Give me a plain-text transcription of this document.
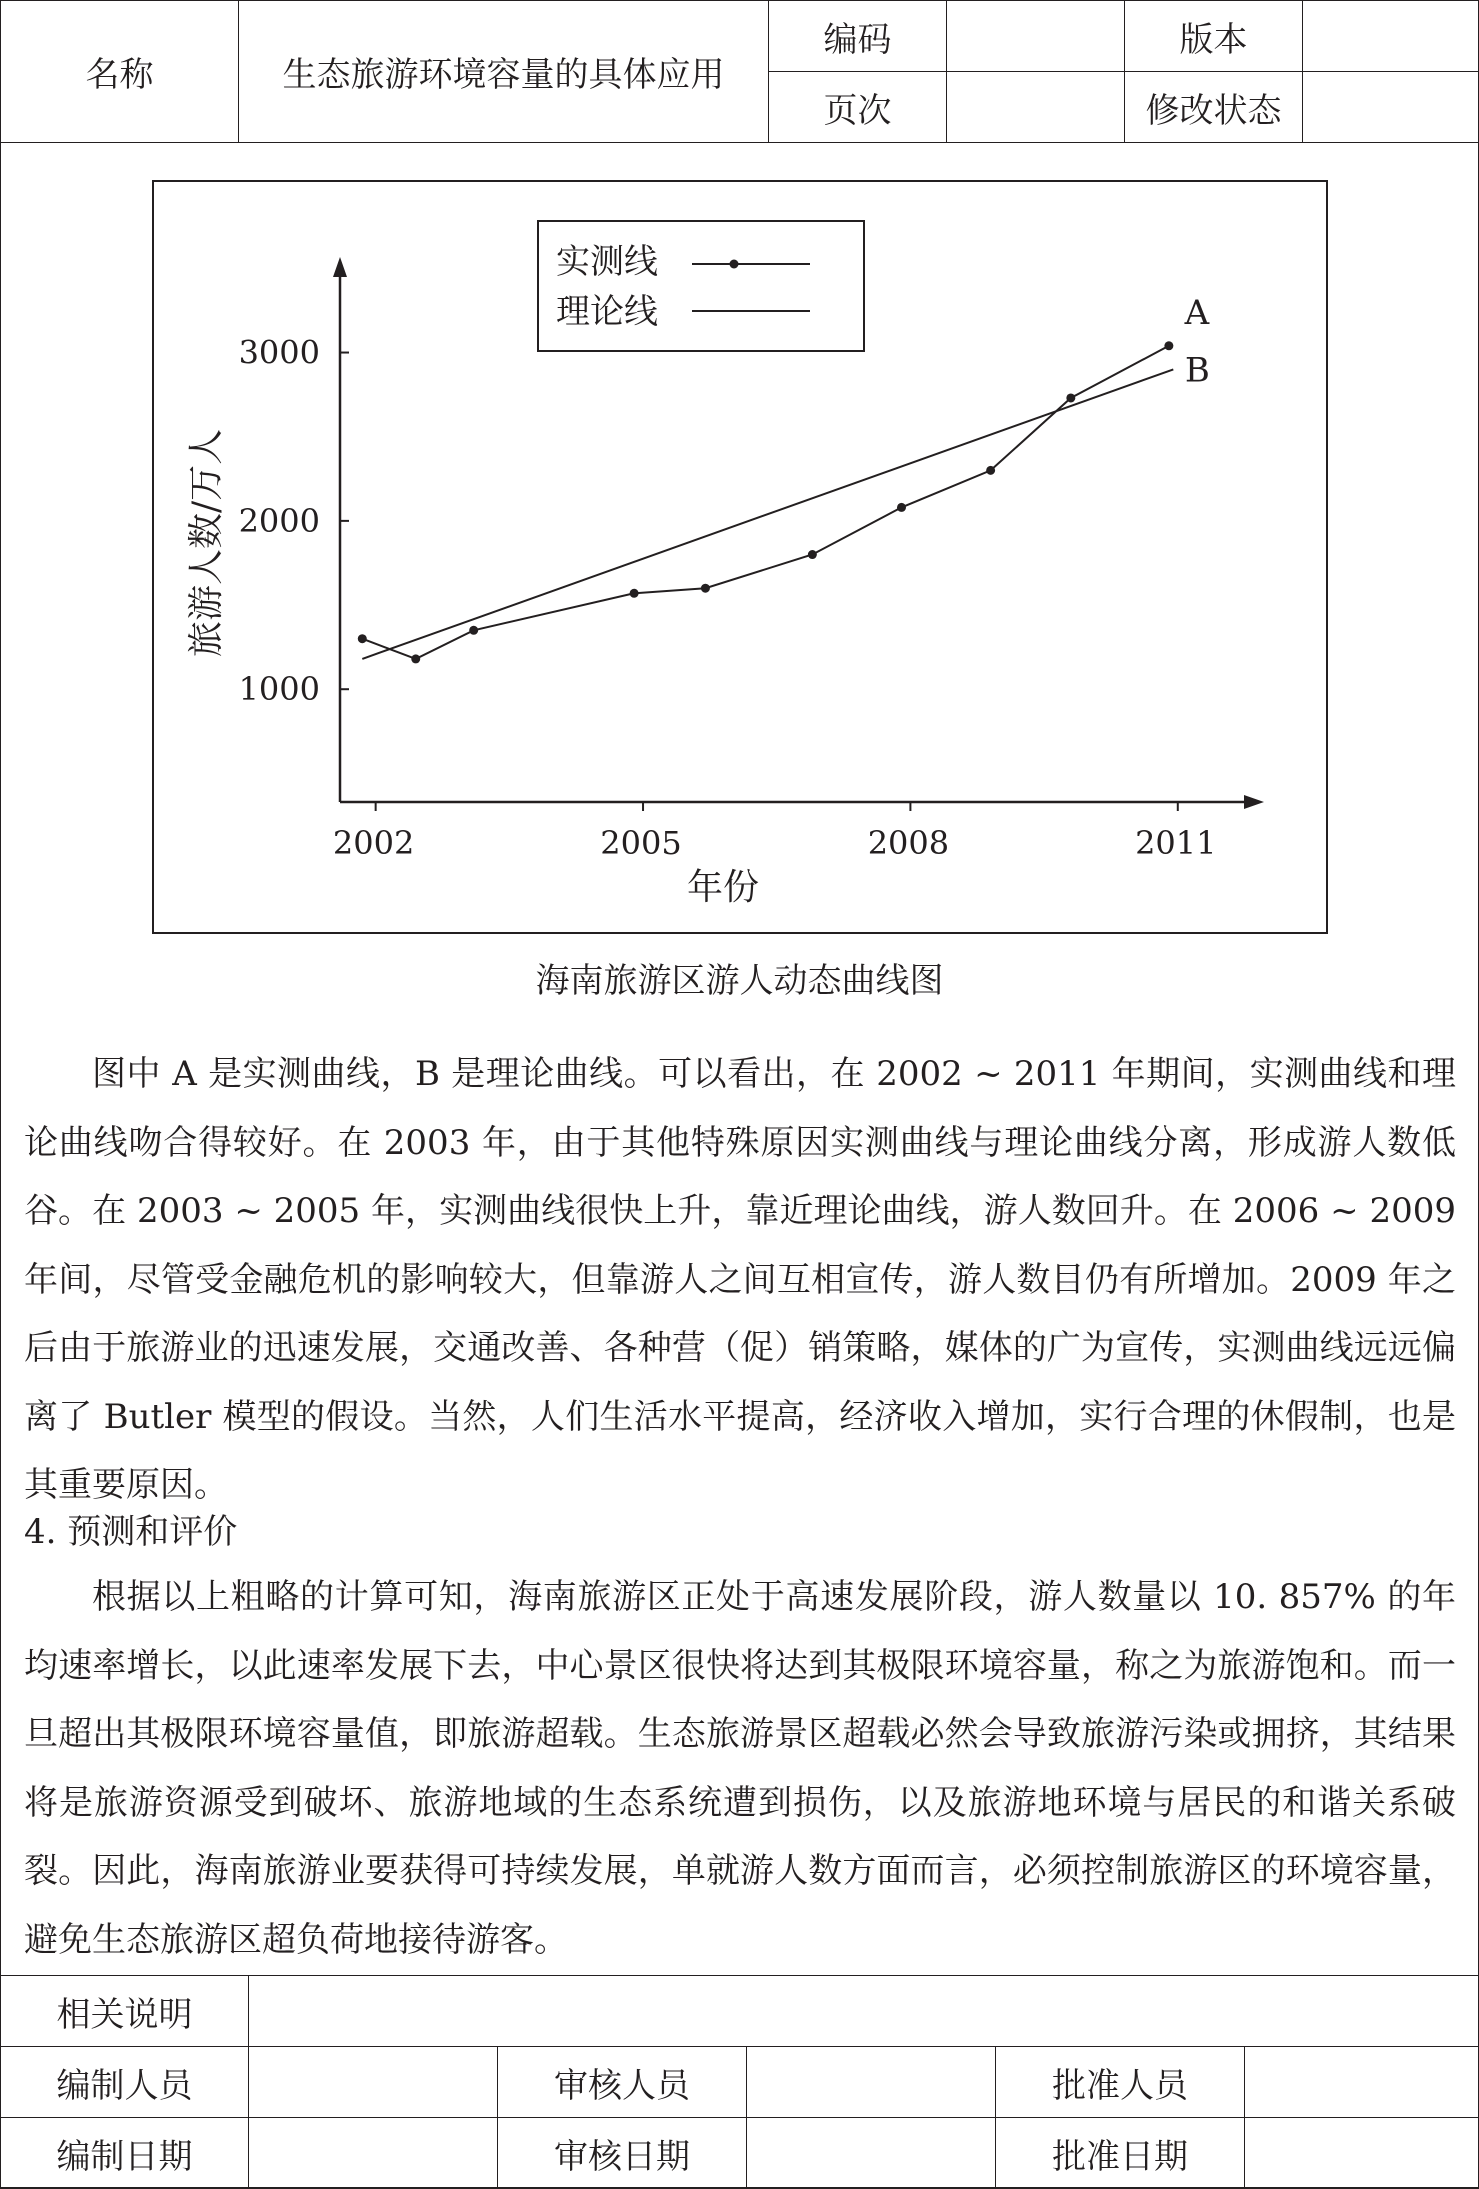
名称	生态旅游环境容量的具体应用	编码		版本	
		页次		修改状态	
2002	2005	2008	2011
1000
2000
3000
A
B
年份
旅游人数/万人
实测线
理论线
海南旅游区游人动态曲线图

图中 A 是实测曲线，B 是理论曲线。可以看出，在 2002 ~ 2011 年期间，实测曲线和理论曲线吻合得较好。在 2003 年，由于其他特殊原因实测曲线与理论曲线分离，形成游人数低谷。在 2003 ~ 2005 年，实测曲线很快上升，靠近理论曲线，游人数回升。在 2006 ~ 2009 年间，尽管受金融危机的影响较大，但靠游人之间互相宣传，游人数目仍有所增加。2009 年之后由于旅游业的迅速发展，交通改善、各种营（促）销策略，媒体的广为宣传，实测曲线远远偏离了 Butler 模型的假设。当然，人们生活水平提高，经济收入增加，实行合理的休假制，也是其重要原因。

4. 预测和评价

根据以上粗略的计算可知，海南旅游区正处于高速发展阶段，游人数量以 10. 857% 的年均速率增长，以此速率发展下去，中心景区很快将达到其极限环境容量，称之为旅游饱和。而一旦超出其极限环境容量值，即旅游超载。生态旅游景区超载必然会导致旅游污染或拥挤，其结果将是旅游资源受到破坏、旅游地域的生态系统遭到损伤，以及旅游地环境与居民的和谐关系破裂。因此，海南旅游业要获得可持续发展，单就游人数方面而言，必须控制旅游区的环境容量，避免生态旅游区超负荷地接待游客。

相关说明					
编制人员		审核人员		批准人员	
编制日期		审核日期		批准日期	
